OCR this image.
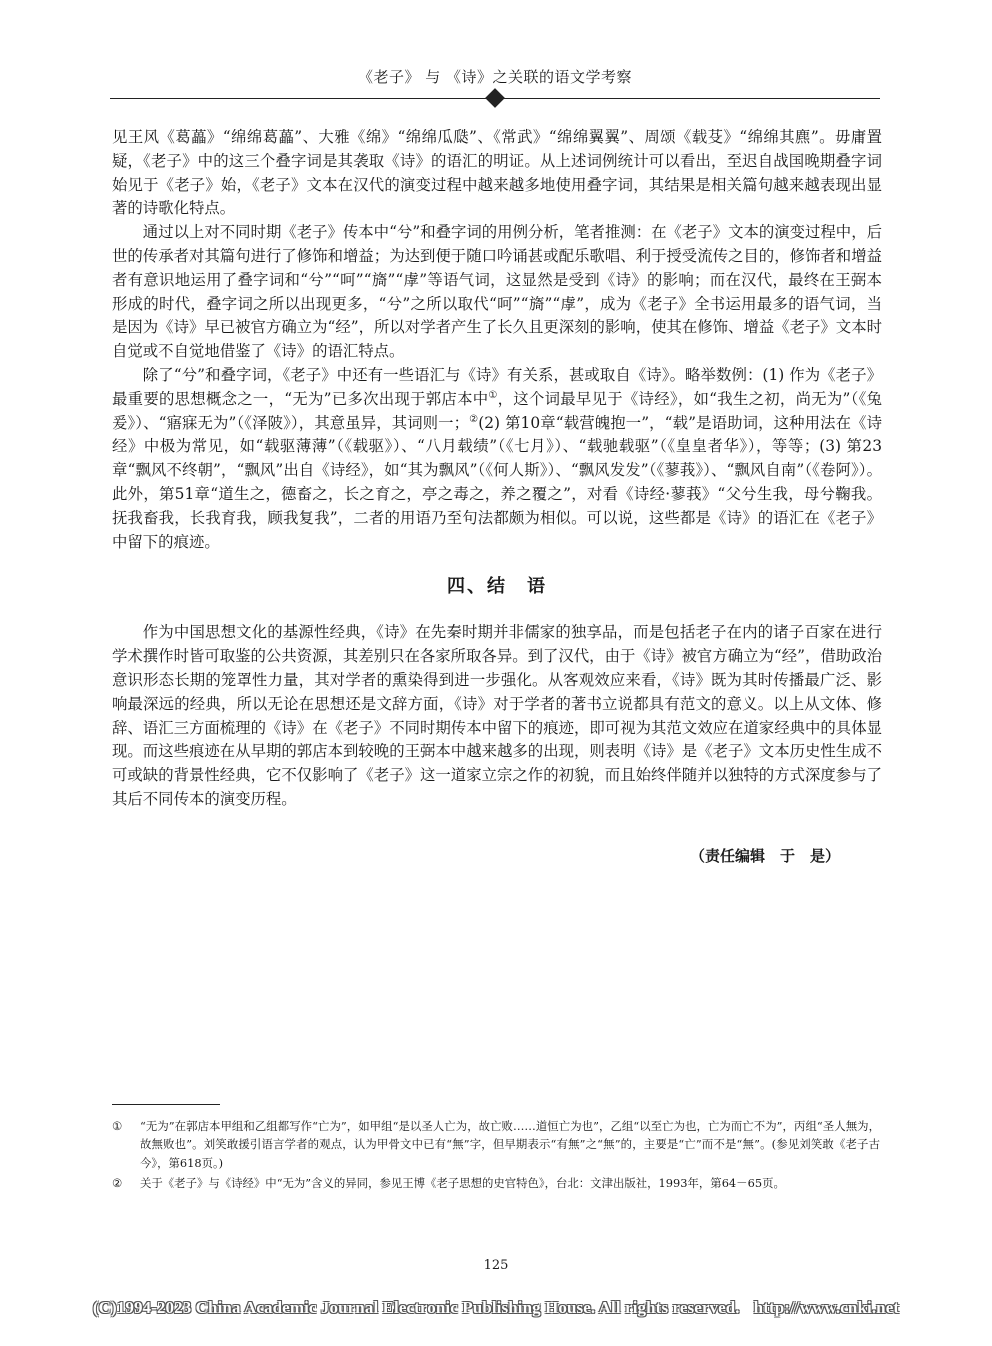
《老子》 与 《诗》之关联的语文学考察

见王风《葛藟》“绵绵葛藟”、大雅《绵》“绵绵瓜瓞”、《常武》“绵绵翼翼”、周颂《载芟》“绵绵其麃”。毋庸置疑，《老子》中的这三个叠字词是其袭取《诗》的语汇的明证。从上述词例统计可以看出，至迟自战国晚期叠字词始见于《老子》始，《老子》文本在汉代的演变过程中越来越多地使用叠字词，其结果是相关篇句越来越表现出显著的诗歌化特点。

通过以上对不同时期《老子》传本中“兮”和叠字词的用例分析，笔者推测：在《老子》文本的演变过程中，后世的传承者对其篇句进行了修饰和增益；为达到便于随口吟诵甚或配乐歌唱、利于授受流传之目的，修饰者和增益者有意识地运用了叠字词和“兮”“呵”“旖”“虖”等语气词，这显然是受到《诗》的影响；而在汉代，最终在王弼本形成的时代，叠字词之所以出现更多，“兮”之所以取代“呵”“旖”“虖”，成为《老子》全书运用最多的语气词，当是因为《诗》早已被官方确立为“经”，所以对学者产生了长久且更深刻的影响，使其在修饰、增益《老子》文本时自觉或不自觉地借鉴了《诗》的语汇特点。

除了“兮”和叠字词，《老子》中还有一些语汇与《诗》有关系，甚或取自《诗》。略举数例：(1) 作为《老子》最重要的思想概念之一，“无为”已多次出现于郭店本中①，这个词最早见于《诗经》，如“我生之初，尚无为”（《兔爰》）、“寤寐无为”（《泽陂》），其意虽异，其词则一；②(2) 第10章“载营魄抱一”，“载”是语助词，这种用法在《诗经》中极为常见，如“载驱薄薄”（《载驱》）、“八月载绩”（《七月》）、“载驰载驱”（《皇皇者华》），等等；(3) 第23章“飘风不终朝”，“飘风”出自《诗经》，如“其为飘风”（《何人斯》）、“飘风发发”（《蓼莪》）、“飘风自南”（《卷阿》）。此外，第51章“道生之，德畜之，长之育之，亭之毒之，养之覆之”，对看《诗经·蓼莪》“父兮生我，母兮鞠我。抚我畜我，长我育我，顾我复我”，二者的用语乃至句法都颇为相似。可以说，这些都是《诗》的语汇在《老子》中留下的痕迹。

四、结　语

作为中国思想文化的基源性经典，《诗》在先秦时期并非儒家的独享品，而是包括老子在内的诸子百家在进行学术撰作时皆可取鉴的公共资源，其差别只在各家所取各异。到了汉代，由于《诗》被官方确立为“经”，借助政治意识形态长期的笼罩性力量，其对学者的熏染得到进一步强化。从客观效应来看，《诗》既为其时传播最广泛、影响最深远的经典，所以无论在思想还是文辞方面，《诗》对于学者的著书立说都具有范文的意义。以上从文体、修辞、语汇三方面梳理的《诗》在《老子》不同时期传本中留下的痕迹，即可视为其范文效应在道家经典中的具体显现。而这些痕迹在从早期的郭店本到较晚的王弼本中越来越多的出现，则表明《诗》是《老子》文本历史性生成不可或缺的背景性经典，它不仅影响了《老子》这一道家立宗之作的初貌，而且始终伴随并以独特的方式深度参与了其后不同传本的演变历程。

（责任编辑　于　是）
①	“无为”在郭店本甲组和乙组都写作“亡为”，如甲组“是以圣人亡为，故亡败……道恒亡为也”，乙组“以至亡为也，亡为而亡不为”，丙组“圣人無为，故無败也”。刘笑敢援引语言学者的观点，认为甲骨文中已有“無”字，但早期表示“有無”之“無”的，主要是“亡”而不是“無”。(参见刘笑敢《老子古今》，第618页。)
②	关于《老子》与《诗经》中“无为”含义的异同，参见王博《老子思想的史官特色》，台北：文津出版社，1993年，第64－65页。
125
(C)1994-2023 China Academic Journal Electronic Publishing House. All rights reserved. http://www.cnki.net
